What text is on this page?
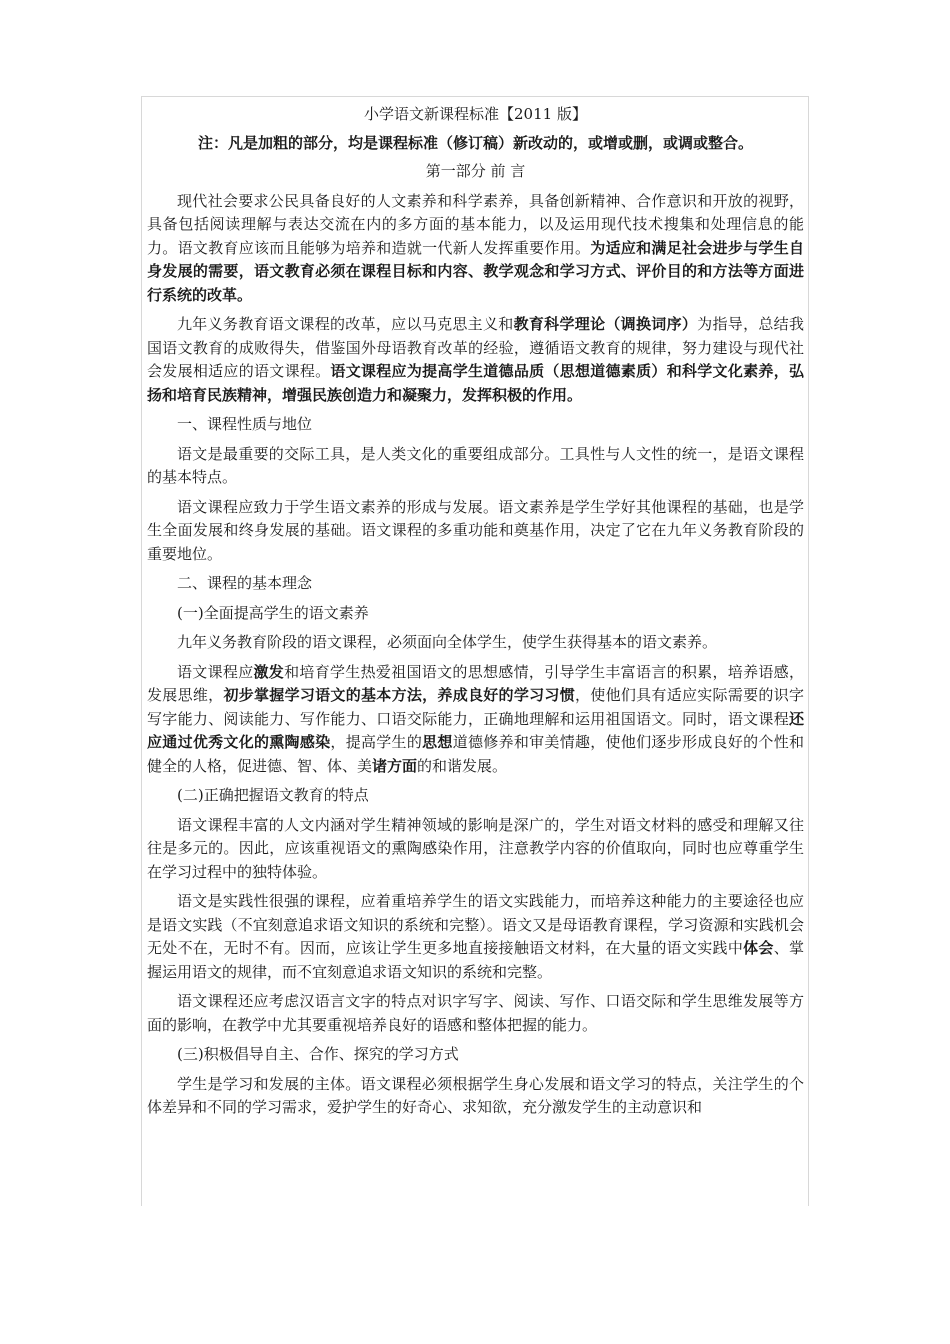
小学语文新课程标准【2011 版】

注：凡是加粗的部分，均是课程标准（修订稿）新改动的，或增或删，或调或整合。

第一部分 前 言

现代社会要求公民具备良好的人文素养和科学素养，具备创新精神、合作意识和开放的视野，具备包括阅读理解与表达交流在内的多方面的基本能力，以及运用现代技术搜集和处理信息的能力。语文教育应该而且能够为培养和造就一代新人发挥重要作用。为适应和满足社会进步与学生自身发展的需要，语文教育必须在课程目标和内容、教学观念和学习方式、评价目的和方法等方面进行系统的改革。

九年义务教育语文课程的改革，应以马克思主义和教育科学理论（调换词序）为指导，总结我国语文教育的成败得失，借鉴国外母语教育改革的经验，遵循语文教育的规律，努力建设与现代社会发展相适应的语文课程。语文课程应为提高学生道德品质（思想道德素质）和科学文化素养，弘扬和培育民族精神，增强民族创造力和凝聚力，发挥积极的作用。

一、课程性质与地位

语文是最重要的交际工具，是人类文化的重要组成部分。工具性与人文性的统一，是语文课程的基本特点。

语文课程应致力于学生语文素养的形成与发展。语文素养是学生学好其他课程的基础，也是学生全面发展和终身发展的基础。语文课程的多重功能和奠基作用，决定了它在九年义务教育阶段的重要地位。

二、课程的基本理念

(一)全面提高学生的语文素养

九年义务教育阶段的语文课程，必须面向全体学生，使学生获得基本的语文素养。

语文课程应激发和培育学生热爱祖国语文的思想感情，引导学生丰富语言的积累，培养语感，发展思维，初步掌握学习语文的基本方法，养成良好的学习习惯，使他们具有适应实际需要的识字写字能力、阅读能力、写作能力、口语交际能力，正确地理解和运用祖国语文。同时，语文课程还应通过优秀文化的熏陶感染，提高学生的思想道德修养和审美情趣，使他们逐步形成良好的个性和健全的人格，促进德、智、体、美诸方面的和谐发展。

(二)正确把握语文教育的特点

语文课程丰富的人文内涵对学生精神领域的影响是深广的，学生对语文材料的感受和理解又往往是多元的。因此，应该重视语文的熏陶感染作用，注意教学内容的价值取向，同时也应尊重学生在学习过程中的独特体验。

语文是实践性很强的课程，应着重培养学生的语文实践能力，而培养这种能力的主要途径也应是语文实践（不宜刻意追求语文知识的系统和完整）。语文又是母语教育课程，学习资源和实践机会无处不在，无时不有。因而，应该让学生更多地直接接触语文材料，在大量的语文实践中体会、掌握运用语文的规律，而不宜刻意追求语文知识的系统和完整。

语文课程还应考虑汉语言文字的特点对识字写字、阅读、写作、口语交际和学生思维发展等方面的影响，在教学中尤其要重视培养良好的语感和整体把握的能力。

(三)积极倡导自主、合作、探究的学习方式

学生是学习和发展的主体。语文课程必须根据学生身心发展和语文学习的特点，关注学生的个体差异和不同的学习需求，爱护学生的好奇心、求知欲，充分激发学生的主动意识和
